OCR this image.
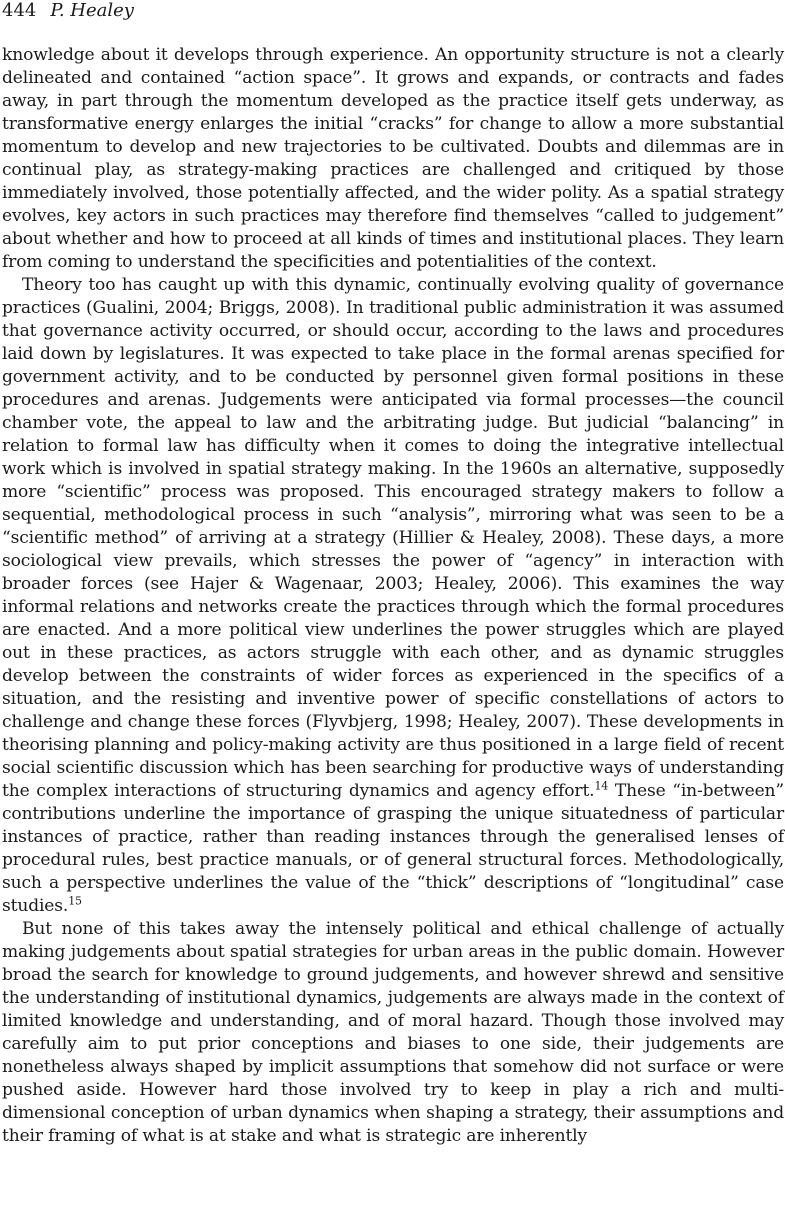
444 P. Healey

knowledge about it develops through experience. An opportunity structure is not a clearly delineated and contained “action space”. It grows and expands, or contracts and fades away, in part through the momentum developed as the practice itself gets underway, as transformative energy enlarges the initial “cracks” for change to allow a more substantial momentum to develop and new trajectories to be cultivated. Doubts and dilemmas are in continual play, as strategy-making practices are challenged and critiqued by those immediately involved, those potentially affected, and the wider polity. As a spatial strategy evolves, key actors in such practices may therefore find themselves “called to judgement” about whether and how to proceed at all kinds of times and institutional places. They learn from coming to understand the specificities and potentialities of the context.

Theory too has caught up with this dynamic, continually evolving quality of governance practices (Gualini, 2004; Briggs, 2008). In traditional public administration it was assumed that governance activity occurred, or should occur, according to the laws and procedures laid down by legislatures. It was expected to take place in the formal arenas specified for government activity, and to be conducted by personnel given formal positions in these procedures and arenas. Judgements were anticipated via formal processes—the council chamber vote, the appeal to law and the arbitrating judge. But judicial “balancing” in relation to formal law has difficulty when it comes to doing the integrative intellectual work which is involved in spatial strategy making. In the 1960s an alternative, supposedly more “scientific” process was proposed. This encouraged strategy makers to follow a sequential, methodological process in such “analysis”, mirroring what was seen to be a “scientific method” of arriving at a strategy (Hillier & Healey, 2008). These days, a more sociological view prevails, which stresses the power of “agency” in interaction with broader forces (see Hajer & Wagenaar, 2003; Healey, 2006). This examines the way informal relations and networks create the practices through which the formal procedures are enacted. And a more political view underlines the power struggles which are played out in these practices, as actors struggle with each other, and as dynamic struggles develop between the constraints of wider forces as experienced in the specifics of a situation, and the resisting and inventive power of specific constellations of actors to challenge and change these forces (Flyvbjerg, 1998; Healey, 2007). These developments in theorising planning and policy-making activity are thus positioned in a large field of recent social scientific discussion which has been searching for productive ways of understanding the complex interactions of structuring dynamics and agency effort.$^{14}$ These “in-between” contributions underline the importance of grasping the unique situatedness of particular instances of practice, rather than reading instances through the generalised lenses of procedural rules, best practice manuals, or of general structural forces. Methodologically, such a perspective underlines the value of the “thick” descriptions of “longitudinal” case studies.$^{15}$

But none of this takes away the intensely political and ethical challenge of actually making judgements about spatial strategies for urban areas in the public domain. However broad the search for knowledge to ground judgements, and however shrewd and sensitive the understanding of institutional dynamics, judgements are always made in the context of limited knowledge and understanding, and of moral hazard. Though those involved may carefully aim to put prior conceptions and biases to one side, their judgements are nonetheless always shaped by implicit assumptions that somehow did not surface or were pushed aside. However hard those involved try to keep in play a rich and multi-dimensional conception of urban dynamics when shaping a strategy, their assumptions and their framing of what is at stake and what is strategic are inherently
